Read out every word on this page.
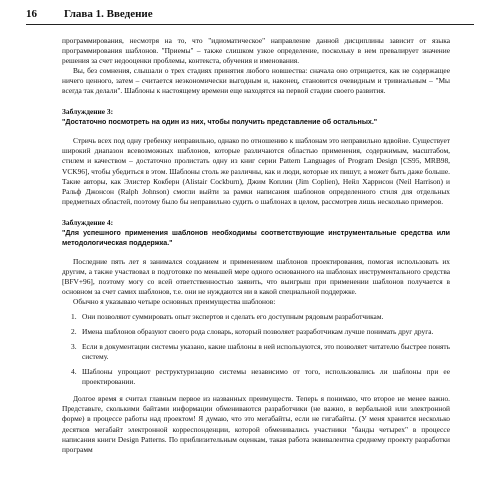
16 Глава 1. Введение

программирования, несмотря на то, что "идиоматическое" направление данной дисциплины зависит от языка программирования шаблонов. "Приемы" – также слишком узкое определение, поскольку в нем превалирует значение решения за счет недооценки проблемы, контекста, обучения и именования.

Вы, без сомнения, слышали о трех стадиях принятия любого новшества: сначала оно отрицается, как не содержащее ничего ценного, затем – считается неэкономически выгодным и, наконец, становится очевидным и тривиальным – "Мы всегда так делали". Шаблоны к настоящему времени еще находятся на первой стадии своего развития.

Заблуждение 3:
"Достаточно посмотреть на один из них, чтобы получить представление об остальных."

Стричь всех под одну гребенку неправильно, однако по отношению к шаблонам это неправильно вдвойне. Существует широкий диапазон всевозможных шаблонов, которые различаются областью применения, содержимым, масштабом, стилем и качеством – достаточно пролистать одну из книг серии Pattern Languages of Program Design [CS95, MRB98, VCK96], чтобы убедиться в этом. Шаблоны столь же различны, как и люди, которые их пишут, а может быть даже больше. Такие авторы, как Элистер Кокберн (Alistair Cockburn), Джим Коплин (Jim Coplien), Нейл Харрисон (Neil Harrison) и Ральф Джонсон (Ralph Johnson) смогли выйти за рамки написания шаблонов определенного стиля для отдельных предметных областей, поэтому было бы неправильно судить о шаблонах в целом, рассмотрев лишь несколько примеров.

Заблуждение 4:
"Для успешного применения шаблонов необходимы соответствующие инструментальные средства или методологическая поддержка."

Последние пять лет я занимался созданием и применением шаблонов проектирования, помогая использовать их другим, а также участвовал в подготовке по меньшей мере одного основанного на шаблонах инструментального средства [BFV+96], поэтому могу со всей ответственностью заявить, что выигрыш при применении шаблонов получается в основном за счет самих шаблонов, т.е. они не нуждаются ни в какой специальной поддержке.

Обычно я указываю четыре основных преимущества шаблонов:

1. Они позволяют суммировать опыт экспертов и сделать его доступным рядовым разработчикам.
2. Имена шаблонов образуют своего рода словарь, который позволяет разработчикам лучше понимать друг друга.
3. Если в документации системы указано, какие шаблоны в ней используются, это позволяет читателю быстрее понять систему.
4. Шаблоны упрощают реструктуризацию системы независимо от того, использовались ли шаблоны при ее проектировании.

Долгое время я считал главным первое из названных преимуществ. Теперь я понимаю, что второе не менее важно. Представьте, сколькими байтами информации обмениваются разработчики (не важно, в вербальной или электронной форме) в процессе работы над проектом! Я думаю, что это мегабайты, если не гигабайты. (У меня хранится несколько десятков мегабайт электронной корреспонденции, которой обменивались участники "банды четырех" в процессе написания книги Design Patterns. По приблизительным оценкам, такая работа эквивалентна среднему проекту разработки программ
